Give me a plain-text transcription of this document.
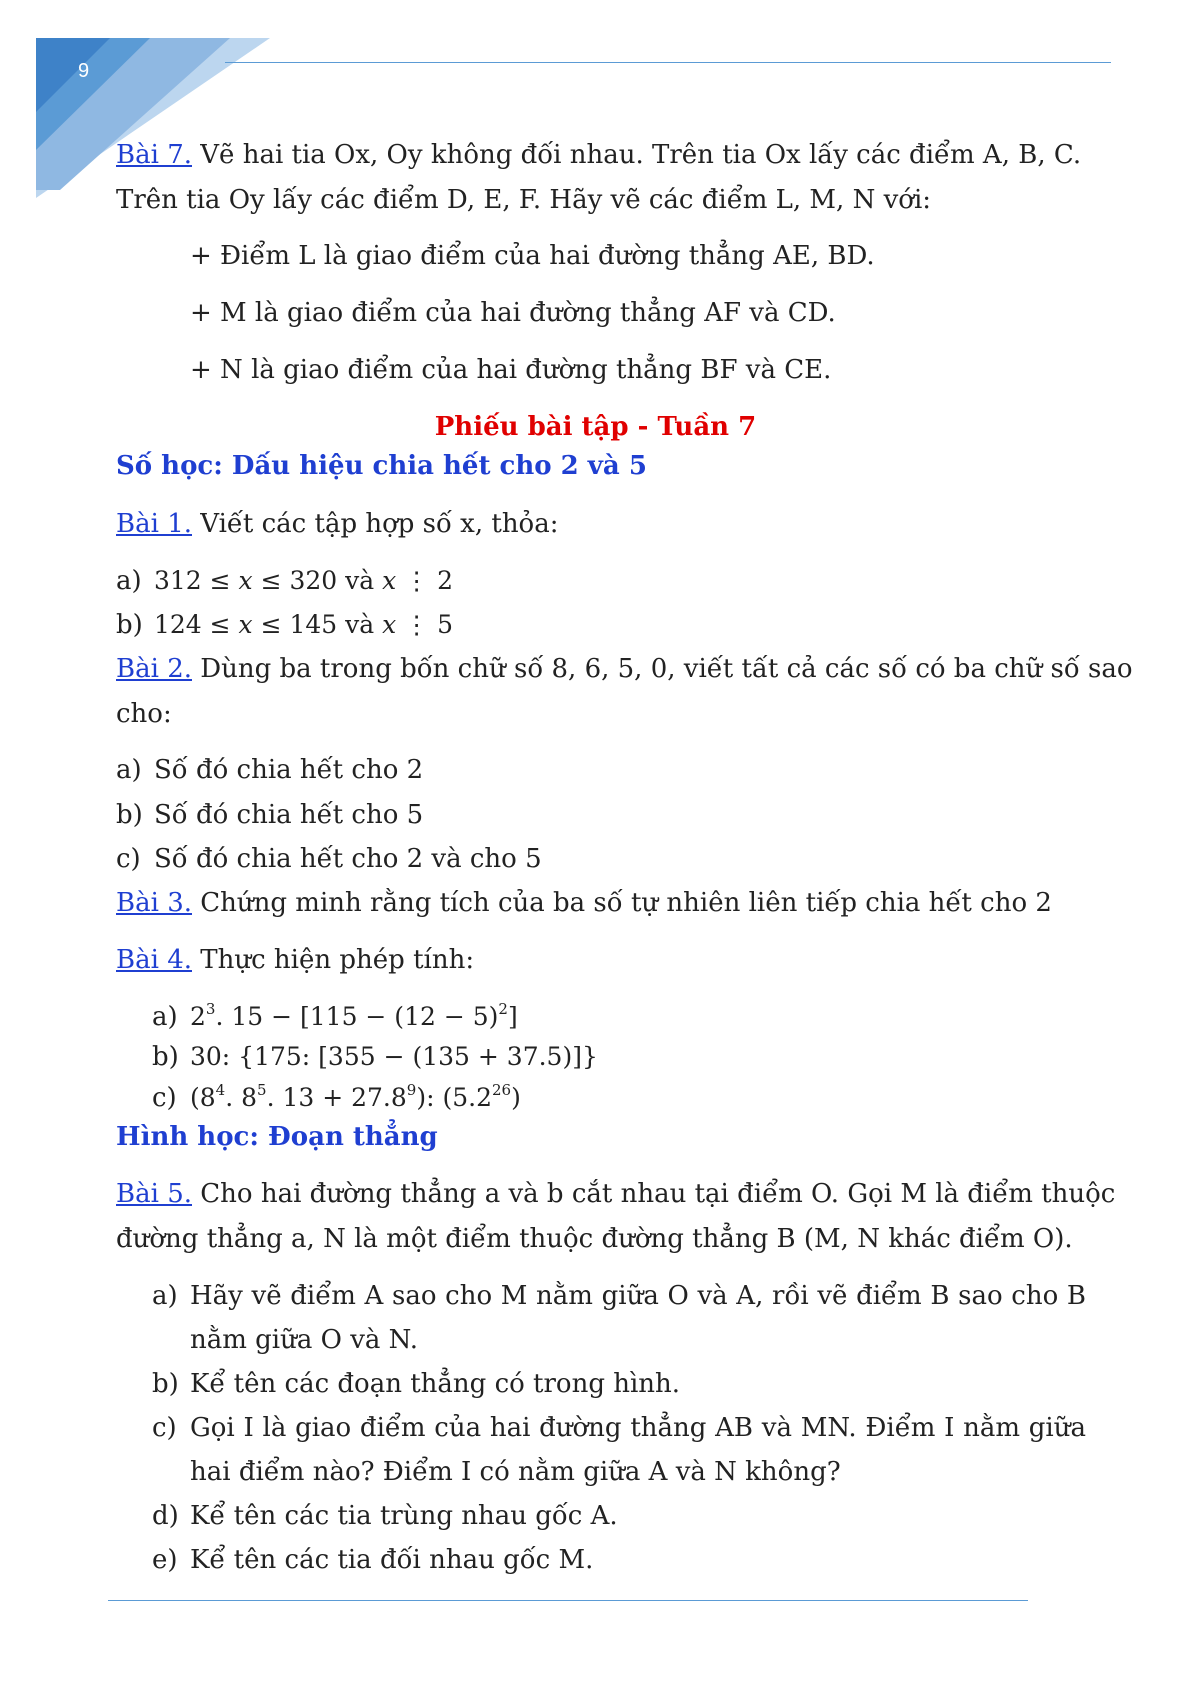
9
Bài 7. Vẽ hai tia Ox, Oy không đối nhau. Trên tia Ox lấy các điểm A, B, C.
Trên tia Oy lấy các điểm D, E, F. Hãy vẽ các điểm L, M, N với:
+ Điểm L là giao điểm của hai đường thẳng AE, BD.
+ M là giao điểm của hai đường thẳng AF và CD.
+ N là giao điểm của hai đường thẳng BF và CE.
Phiếu bài tập - Tuần 7
Số học: Dấu hiệu chia hết cho 2 và 5
Bài 1. Viết các tập hợp số x, thỏa:
a) 312 ≤ 𝑥 ≤ 320 và 𝑥 ⋮ 2
b) 124 ≤ 𝑥 ≤ 145 và 𝑥 ⋮ 5
Bài 2. Dùng ba trong bốn chữ số 8, 6, 5, 0, viết tất cả các số có ba chữ số sao
cho:
a) Số đó chia hết cho 2
b) Số đó chia hết cho 5
c) Số đó chia hết cho 2 và cho 5
Bài 3. Chứng minh rằng tích của ba số tự nhiên liên tiếp chia hết cho 2
Bài 4. Thực hiện phép tính:
a) $2^3$. $15 - [115 - (12 - 5)^2]$
b) 30: {175: [355 − (135 + 37.5)]}
c) ($8^4$. $8^5$. $13 + 27.8^9$): $(5.2^{26})$
Hình học: Đoạn thẳng
Bài 5. Cho hai đường thẳng a và b cắt nhau tại điểm O. Gọi M là điểm thuộc
đường thẳng a, N là một điểm thuộc đường thẳng B (M, N khác điểm O).
a) Hãy vẽ điểm A sao cho M nằm giữa O và A, rồi vẽ điểm B sao cho B
nằm giữa O và N.
b) Kể tên các đoạn thẳng có trong hình.
c) Gọi I là giao điểm của hai đường thẳng AB và MN. Điểm I nằm giữa
hai điểm nào? Điểm I có nằm giữa A và N không?
d) Kể tên các tia trùng nhau gốc A.
e) Kể tên các tia đối nhau gốc M.
